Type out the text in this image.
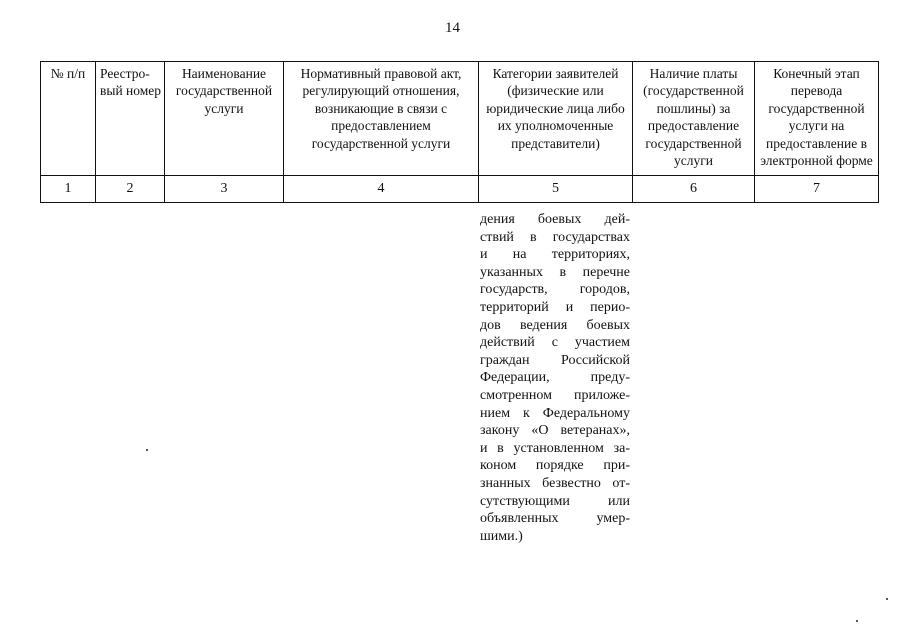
14
№ п/п	Реестро-вый номер	Наименование государственной услуги	Нормативный правовой акт, регулирующий отношения, возникающие в связи с предоставлением государственной услуги	Категории заявителей (физические или юридические лица либо их уполномоченные представители)	Наличие платы (государственной пошлины) за предоставление государственной услуги	Конечный этап перевода государственной услуги на предоставление в электронной форме
1	2	3	4	5	6	7
дения боевых дей-
ствий в государствах
и на территориях,
указанных в перечне
государств, городов,
территорий и перио-
дов ведения боевых
действий с участием
граждан Российской
Федерации, преду-
смотренном приложе-
нием к Федеральному
закону «О ветеранах»,
и в установленном за-
коном порядке при-
знанных безвестно от-
сутствующими или
объявленных умер-
шими.)
